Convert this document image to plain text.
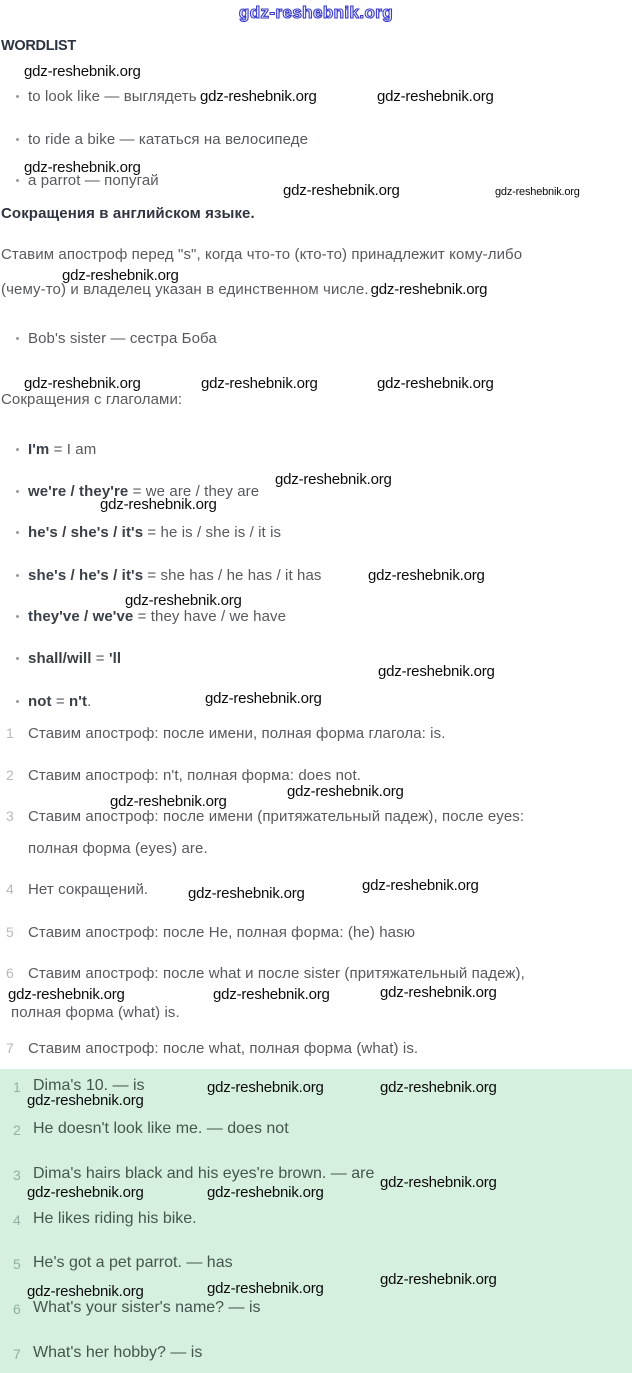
gdz-reshebnik.org
WORDLIST
to look like — выглядеть
to ride a bike — кататься на велосипеде
a parrot — попугай
Сокращения в английском языке.
Ставим апостроф перед "s", когда что-то (кто-то) принадлежит кому-либо
(чему-то) и владелец указан в единственном числе. gdz-reshebnik.org
Bob's sister — сестра Боба
Сокращения с глаголами:
I'm = I am
we're / they're = we are / they are
he's / she's / it's = he is / she is / it is
she's / he's / it's = she has / he has / it has
they've / we've = they have / we have
shall/will = 'll
not = n't.
1 Ставим апостроф: после имени, полная форма глагола: is.
2 Ставим апостроф: n't, полная форма: does not.
3 Ставим апостроф: после имени (притяжательный падеж), после eyes:
полная форма (eyes) are.
4 Нет сокращений.
5 Ставим апостроф: после He, полная форма: (he) hasю
6 Ставим апостроф: после what и после sister (притяжательный падеж),
полная форма (what) is.
7 Ставим апостроф: после what, полная форма (what) is.
1 Dima's 10. — is
2 He doesn't look like me. — does not
3 Dima's hairs black and his eyes're brown. — are
4 He likes riding his bike.
5 He's got a pet parrot. — has
6 What's your sister's name? — is
7 What's her hobby? — is
gdz-reshebnik.org
gdz-reshebnik.org	gdz-reshebnik.org
gdz-reshebnik.org
gdz-reshebnik.org	gdz-reshebnik.org
gdz-reshebnik.org
gdz-reshebnik.org	gdz-reshebnik.org	gdz-reshebnik.org
gdz-reshebnik.org
gdz-reshebnik.org
gdz-reshebnik.org
gdz-reshebnik.org
gdz-reshebnik.org
gdz-reshebnik.org
gdz-reshebnik.org
gdz-reshebnik.org
gdz-reshebnik.org
gdz-reshebnik.org
gdz-reshebnik.org	gdz-reshebnik.org	gdz-reshebnik.org
gdz-reshebnik.org	gdz-reshebnik.org
gdz-reshebnik.org
gdz-reshebnik.org
gdz-reshebnik.org	gdz-reshebnik.org
gdz-reshebnik.org
gdz-reshebnik.org
gdz-reshebnik.org
